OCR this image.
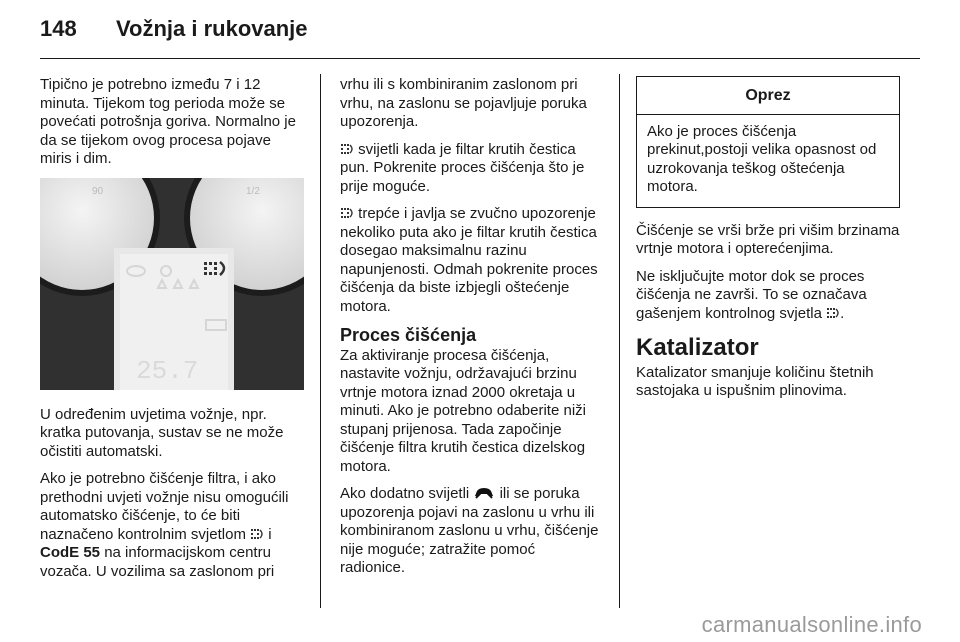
148 Vožnja i rukovanje

Tipično je potrebno između 7 i 12 minuta. Tijekom tog perioda može se povećati potrošnja goriva. Normalno je da se tijekom ovog procesa pojave miris i dim.

90	1/2
25.7

U određenim uvjetima vožnje, npr. kratka putovanja, sustav se ne može očistiti automatski.

Ako je potrebno čišćenje filtra, i ako prethodni uvjeti vožnje nisu omogućili automatsko čišćenje, to će biti naznačeno kontrolnim svjetlom i CodE 55 na informacijskom centru vozača. U vozilima sa zaslonom pri

vrhu ili s kombiniranim zaslonom pri vrhu, na zaslonu se pojavljuje poruka upozorenja.

svijetli kada je filtar krutih čestica pun. Pokrenite proces čišćenja što je prije moguće.

trepće i javlja se zvučno upozorenje nekoliko puta ako je filtar krutih čestica dosegao maksimalnu razinu napunjenosti. Odmah pokrenite proces čišćenja da biste izbjegli oštećenje motora.

Proces čišćenja

Za aktiviranje procesa čišćenja, nastavite vožnju, održavajući brzinu vrtnje motora iznad 2000 okretaja u minuti. Ako je potrebno odaberite niži stupanj prijenosa. Tada započinje čišćenje filtra krutih čestica dizelskog motora.

Ako dodatno svijetli ili se poruka upozorenja pojavi na zaslonu u vrhu ili kombiniranom zaslonu u vrhu, čišćenje nije moguće; zatražite pomoć radionice.

Oprez
Ako je proces čišćenja prekinut,postoji velika opasnost od uzrokovanja teškog oštećenja motora.

Čišćenje se vrši brže pri višim brzinama vrtnje motora i opterećenjima.

Ne isključujte motor dok se proces čišćenja ne završi. To se označava gašenjem kontrolnog svjetla .

Katalizator

Katalizator smanjuje količinu štetnih sastojaka u ispušnim plinovima.

carmanualsonline.info
